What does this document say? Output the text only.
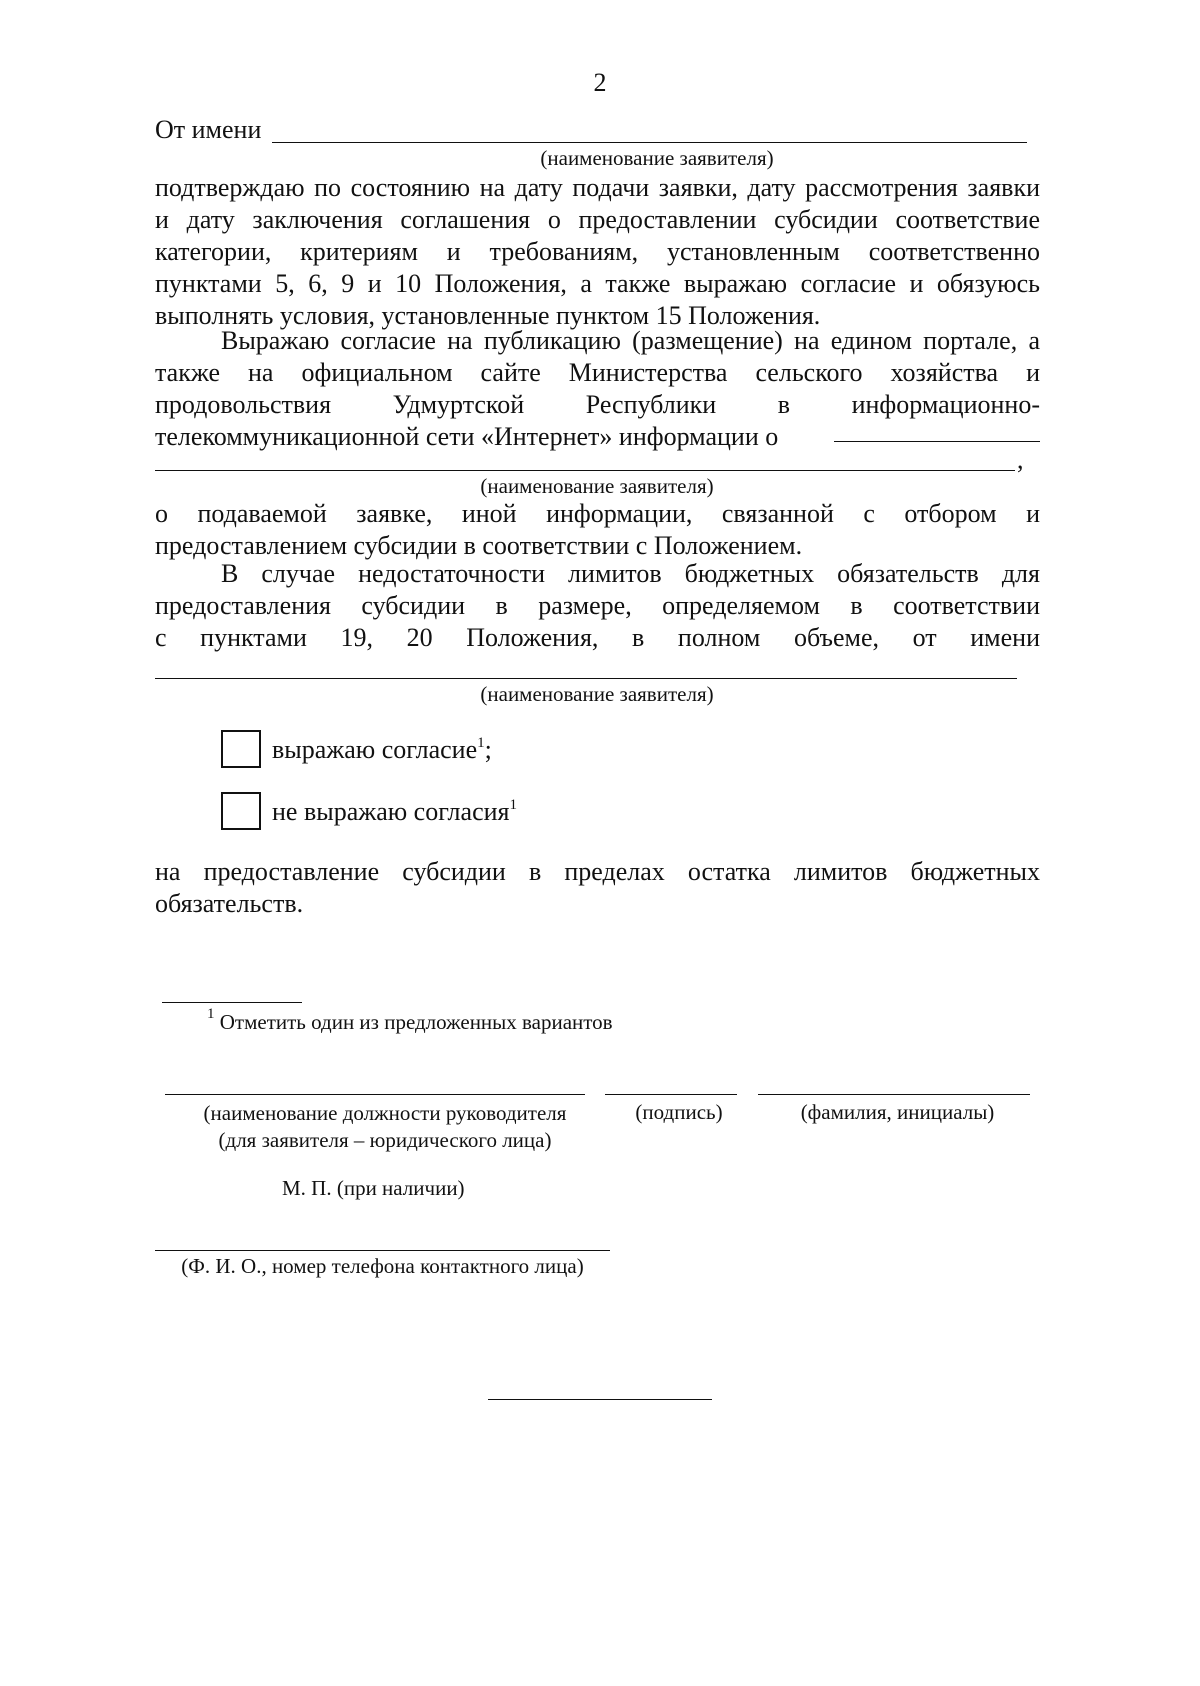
2
От имени
(наименование заявителя)
подтверждаю по состоянию на дату подачи заявки, дату рассмотрения заявки
и дату заключения соглашения о предоставлении субсидии соответствие
категории, критериям и требованиям, установленным соответственно
пунктами 5, 6, 9 и 10 Положения, а также выражаю согласие и обязуюсь
выполнять условия, установленные пунктом 15 Положения.
Выражаю согласие на публикацию (размещение) на едином портале, а
также на официальном сайте Министерства сельского хозяйства и
продовольствия Удмуртской Республики в информационно-
телекоммуникационной сети «Интернет» информации о
,
(наименование заявителя)
о подаваемой заявке, иной информации, связанной с отбором и
предоставлением субсидии в соответствии с Положением.
В случае недостаточности лимитов бюджетных обязательств для
предоставления субсидии в размере, определяемом в соответствии
с пунктами 19, 20 Положения, в полном объеме, от имени
(наименование заявителя)
выражаю согласие$^1$;
не выражаю согласия$^1$
на предоставление субсидии в пределах остатка лимитов бюджетных
обязательств.
$^1$ Отметить один из предложенных вариантов
(наименование должности руководителя
(для заявителя – юридического лица)
(подпись)	(фамилия, инициалы)
М. П. (при наличии)
(Ф. И. О., номер телефона контактного лица)
